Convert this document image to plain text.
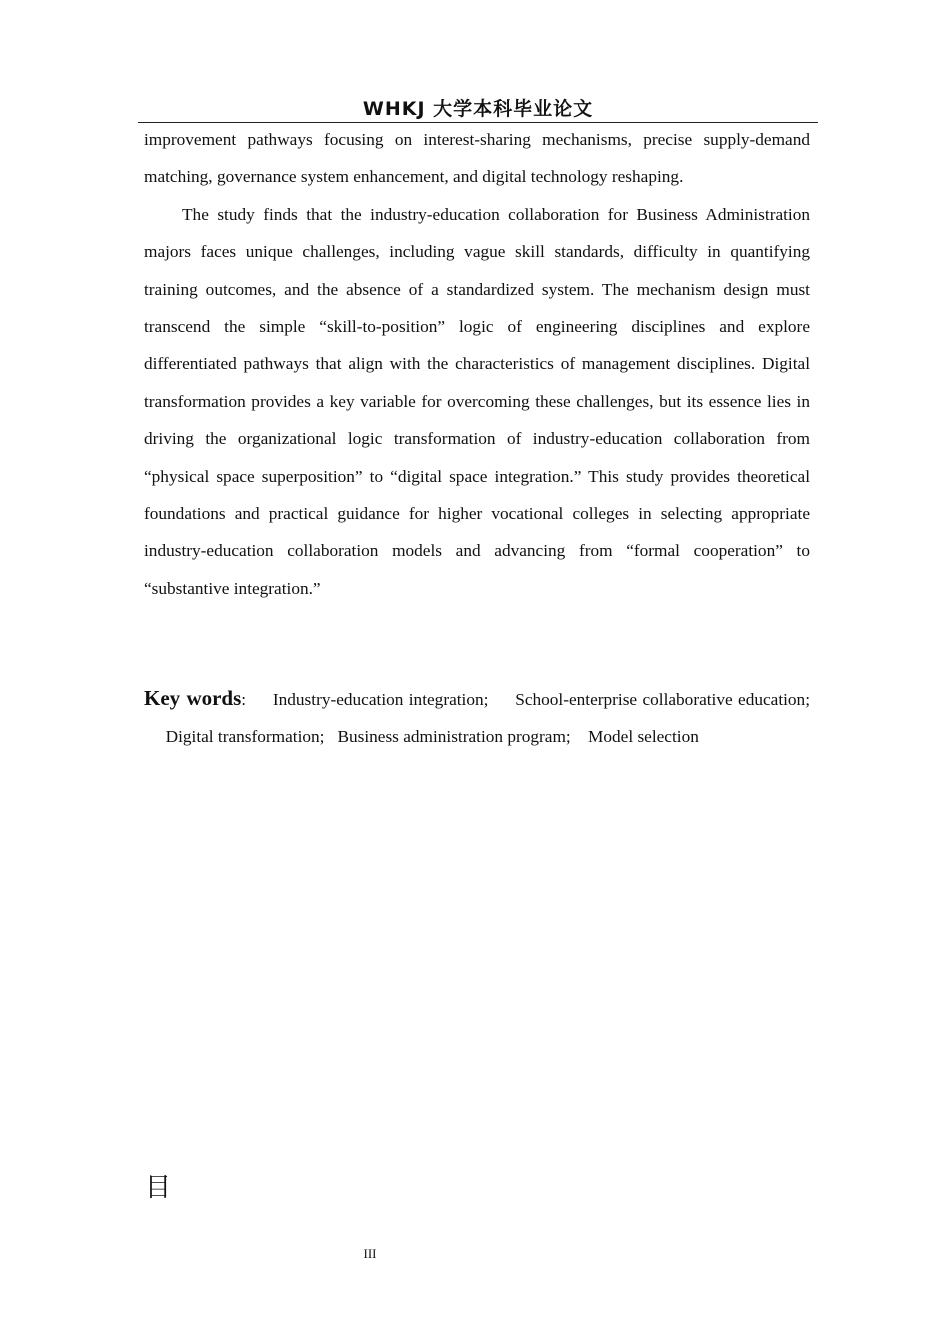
WHKJ 大学本科毕业论文

improvement pathways focusing on interest-sharing mechanisms, precise supply-demand matching, governance system enhancement, and digital technology reshaping.

The study finds that the industry-education collaboration for Business Administration majors faces unique challenges, including vague skill standards, difficulty in quantifying training outcomes, and the absence of a standardized system. The mechanism design must transcend the simple “skill-to-position” logic of engineering disciplines and explore differentiated pathways that align with the characteristics of management disciplines. Digital transformation provides a key variable for overcoming these challenges, but its essence lies in driving the organizational logic transformation of industry-education collaboration from “physical space superposition” to “digital space integration.” This study provides theoretical foundations and practical guidance for higher vocational colleges in selecting appropriate industry-education collaboration models and advancing from “formal cooperation” to “substantive integration.”

Key words: Industry-education integration; School-enterprise collaborative education;     Digital transformation; Business administration program; Model selection
目
III
